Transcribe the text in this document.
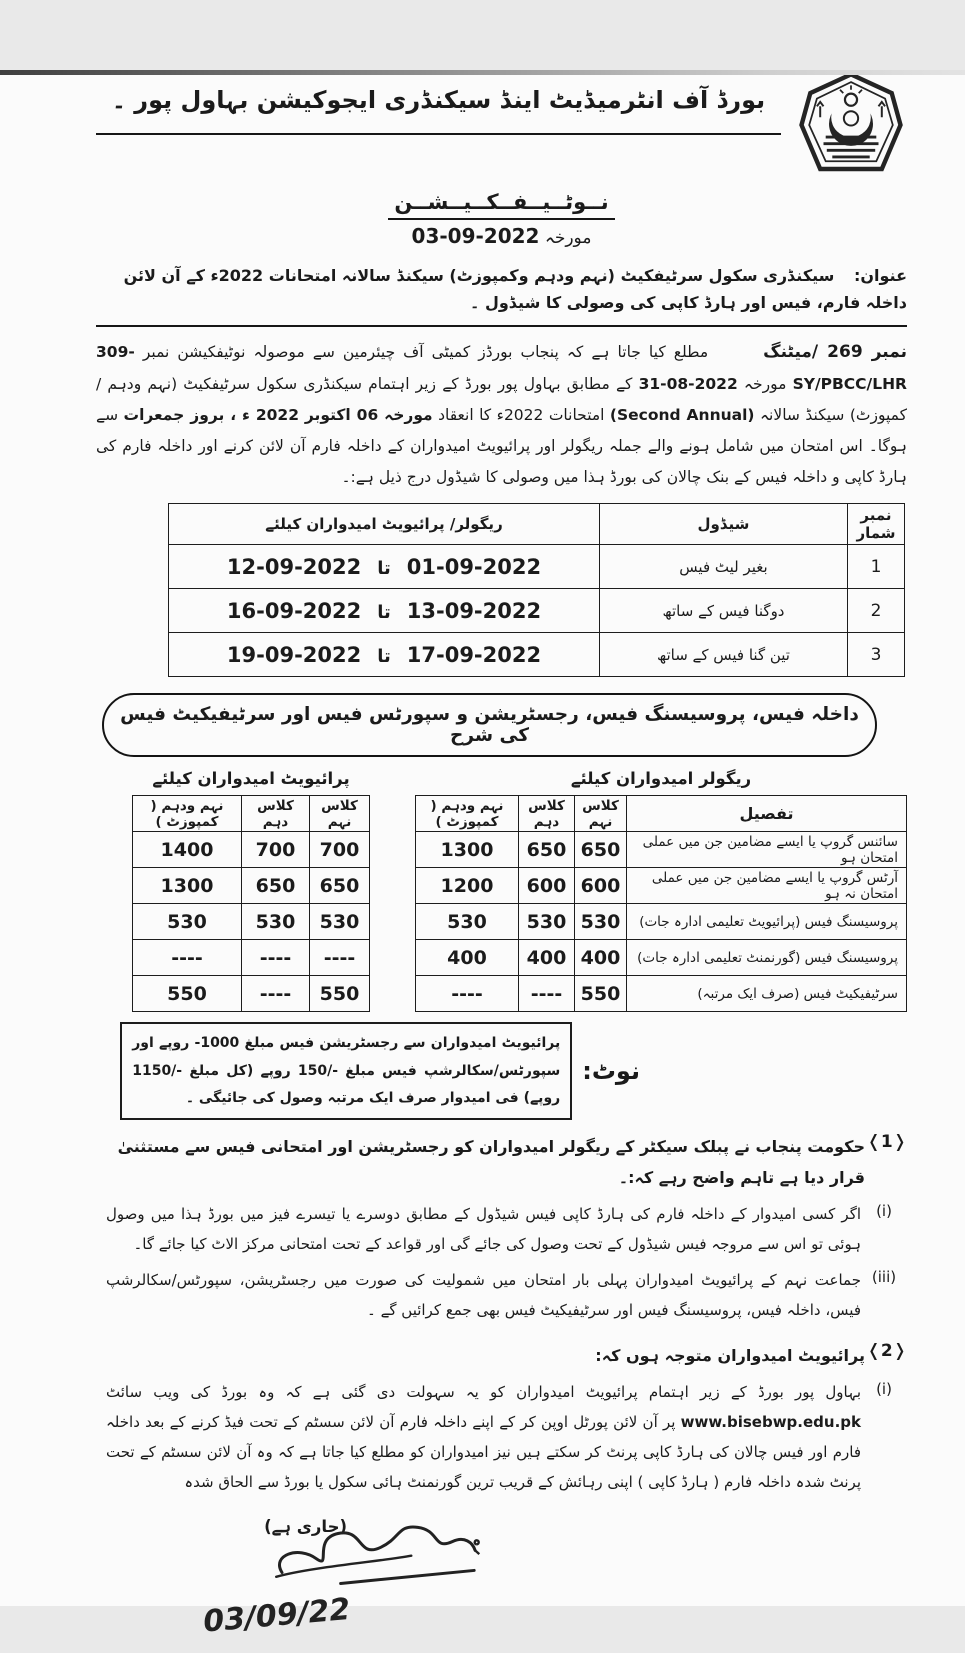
بورڈ آف انٹرمیڈیٹ اینڈ سیکنڈری ایجوکیشن بہاول پور ۔
نــوٹــیــفــکــیــشــن
مورخہ 03-09-2022
عنوان: سیکنڈری سکول سرٹیفکیٹ (نہم ودہم وکمپوزٹ) سیکنڈ سالانہ امتحانات 2022ء کے آن لائن داخلہ فارم، فیس اور ہارڈ کاپی کی وصولی کا شیڈول ۔
نمبر 269 /میٹنگمطلع کیا جاتا ہے کہ پنجاب بورڈز کمیٹی آف چیئرمین سے موصولہ نوٹیفکیشن نمبر 309-SY/PBCC/LHR مورخہ 31-08-2022 کے مطابق بہاول پور بورڈ کے زیر اہتمام سیکنڈری سکول سرٹیفکیٹ (نہم ودہم /کمپوزٹ) سیکنڈ سالانہ (Second Annual) امتحانات 2022ء کا انعقاد مورخہ 06 اکتوبر 2022 ء ، بروز جمعرات سے ہوگا۔ اس امتحان میں شامل ہونے والے جملہ ریگولر اور پرائیویٹ امیدواران کے داخلہ فارم آن لائن کرنے اور داخلہ فارم کی ہارڈ کاپی و داخلہ فیس کے بنک چالان کی بورڈ ہذا میں وصولی کا شیڈول درج ذیل ہے:۔
نمبر شمار	شیڈول	ریگولر/ پرائیویٹ امیدواران کیلئے
1	بغیر لیٹ فیس	01-09-2022تا12-09-2022
2	دوگنا فیس کے ساتھ	13-09-2022تا16-09-2022
3	تین گنا فیس کے ساتھ	17-09-2022تا19-09-2022
داخلہ فیس، پروسیسنگ فیس، رجسٹریشن و سپورٹس فیس اور سرٹیفیکیٹ فیس کی شرح
ریگولر امیدواران کیلئے
تفصیل	کلاس نہم	کلاس دہم	نہم ودہم ( کمپوزٹ )
سائنس گروپ یا ایسے مضامین جن میں عملی امتحان ہو	650	650	1300
آرٹس گروپ یا ایسے مضامین جن میں عملی امتحان نہ ہو	600	600	1200
پروسیسنگ فیس (پرائیویٹ تعلیمی ادارہ جات)	530	530	530
پروسیسنگ فیس (گورنمنٹ تعلیمی ادارہ جات)	400	400	400
سرٹیفیکیٹ فیس (صرف ایک مرتبہ)	550	----	----
پرائیویٹ امیدواران کیلئے
کلاس نہم	کلاس دہم	نہم ودہم ( کمپوزٹ )
700	700	1400
650	650	1300
530	530	530
----	----	----
550	----	550
نوٹ:
پرائیویٹ امیدواران سے رجسٹریشن فیس مبلغ -1000 روپے اور سپورٹس/سکالرشپ فیس مبلغ 150/- روپے (کل مبلغ 1150/- روپے) فی امیدوار صرف ایک مرتبہ وصول کی جائیگی ۔
❬1❭
حکومت پنجاب نے پبلک سیکٹر کے ریگولر امیدواران کو رجسٹریشن اور امتحانی فیس سے مستثنیٰ قرار دیا ہے تاہم واضح رہے کہ:۔
(i)
اگر کسی امیدوار کے داخلہ فارم کی ہارڈ کاپی فیس شیڈول کے مطابق دوسرے یا تیسرے فیز میں بورڈ ہذا میں وصول ہوئی تو اس سے مروجہ فیس شیڈول کے تحت وصول کی جائے گی اور قواعد کے تحت امتحانی مرکز الاٹ کیا جائے گا۔
(iii)
جماعت نہم کے پرائیویٹ امیدواران پہلی بار امتحان میں شمولیت کی صورت میں رجسٹریشن، سپورٹس/سکالرشپ فیس، داخلہ فیس، پروسیسنگ فیس اور سرٹیفیکیٹ فیس بھی جمع کرائیں گے ۔
❬2❭
پرائیویٹ امیدواران متوجہ ہوں کہ:
(i)
بہاول پور بورڈ کے زیر اہتمام پرائیویٹ امیدواران کو یہ سہولت دی گئی ہے کہ وہ بورڈ کی ویب سائٹ www.bisebwp.edu.pk پر آن لائن پورٹل اوپن کر کے اپنے داخلہ فارم آن لائن سسٹم کے تحت فیڈ کرنے کے بعد داخلہ فارم اور فیس چالان کی ہارڈ کاپی پرنٹ کر سکتے ہیں نیز امیدواران کو مطلع کیا جاتا ہے کہ وہ آن لائن سسٹم کے تحت پرنٹ شدہ داخلہ فارم ( ہارڈ کاپی ) اپنی رہائش کے قریب ترین گورنمنٹ ہائی سکول یا بورڈ سے الحاق شدہ
(جاری ہے)
03/09/22
